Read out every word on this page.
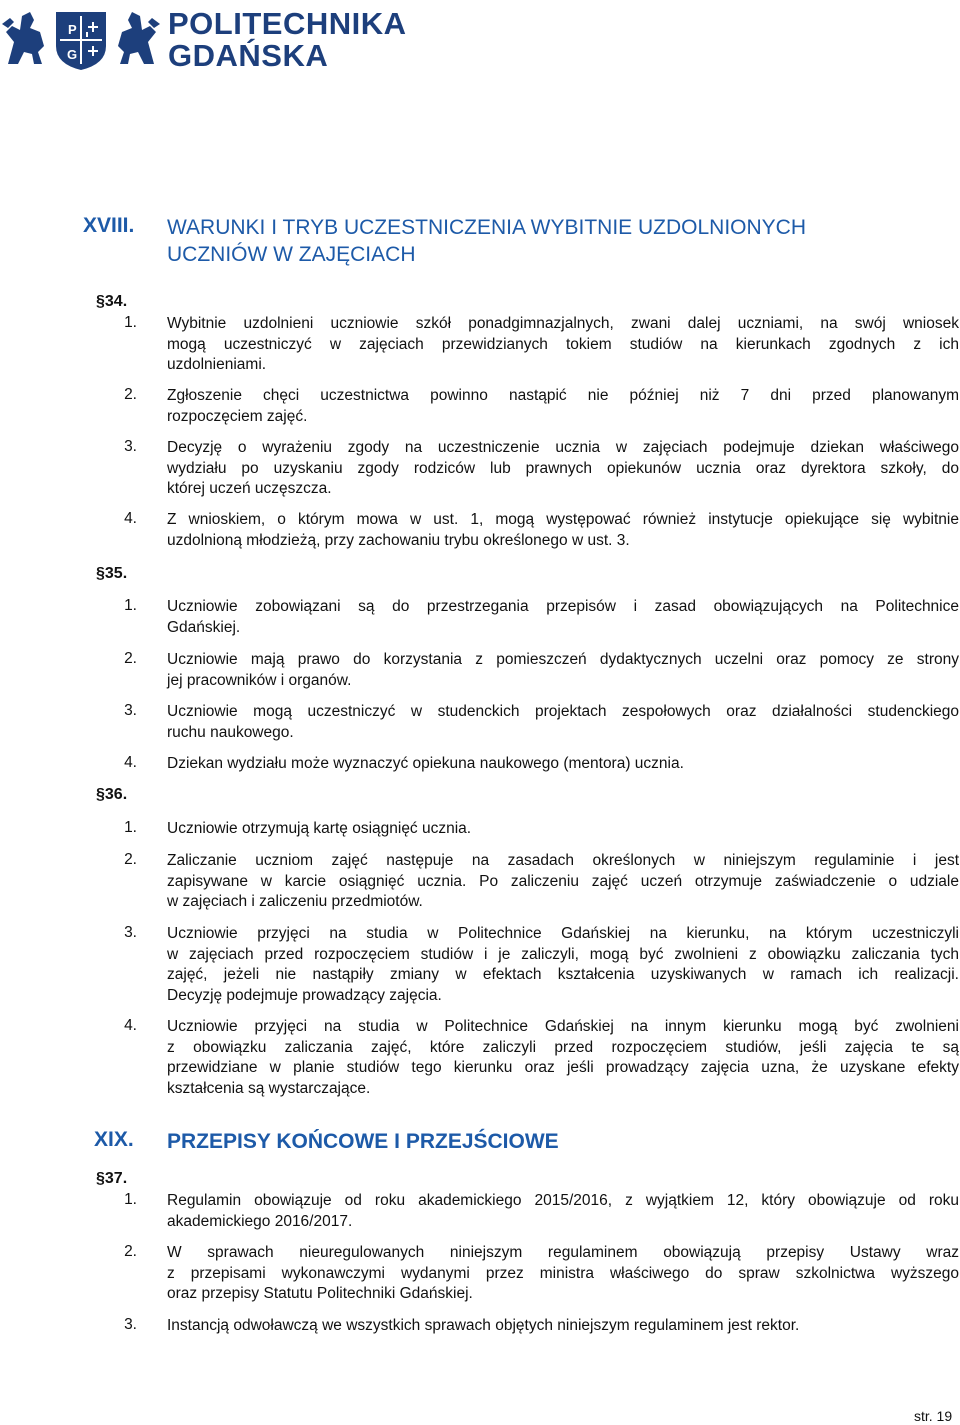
P
G
POLITECHNIKA
GDAŃSKA
XVIII. WARUNKI I TRYB UCZESTNICZENIA WYBITNIE UZDOLNIONYCH
UCZNIÓW W ZAJĘCIACH
§34.
1. Wybitnie uzdolnieni uczniowie szkół ponadgimnazjalnych, zwani dalej uczniami, na swój wniosek
mogą uczestniczyć w zajęciach przewidzianych tokiem studiów na kierunkach zgodnych z ich
uzdolnieniami.
2. Zgłoszenie chęci uczestnictwa powinno nastąpić nie później niż 7 dni przed planowanym
rozpoczęciem zajęć.
3. Decyzję o wyrażeniu zgody na uczestniczenie ucznia w zajęciach podejmuje dziekan właściwego
wydziału po uzyskaniu zgody rodziców lub prawnych opiekunów ucznia oraz dyrektora szkoły, do
której uczeń uczęszcza.
4. Z wnioskiem, o którym mowa w ust. 1, mogą występować również instytucje opiekujące się wybitnie
uzdolnioną młodzieżą, przy zachowaniu trybu określonego w ust. 3.
§35.
1. Uczniowie zobowiązani są do przestrzegania przepisów i zasad obowiązujących na Politechnice
Gdańskiej.
2. Uczniowie mają prawo do korzystania z pomieszczeń dydaktycznych uczelni oraz pomocy ze strony
jej pracowników i organów.
3. Uczniowie mogą uczestniczyć w studenckich projektach zespołowych oraz działalności studenckiego
ruchu naukowego.
4. Dziekan wydziału może wyznaczyć opiekuna naukowego (mentora) ucznia.
§36.
1. Uczniowie otrzymują kartę osiągnięć ucznia.
2. Zaliczanie uczniom zajęć następuje na zasadach określonych w niniejszym regulaminie i jest
zapisywane w karcie osiągnięć ucznia. Po zaliczeniu zajęć uczeń otrzymuje zaświadczenie o udziale
w zajęciach i zaliczeniu przedmiotów.
3. Uczniowie przyjęci na studia w Politechnice Gdańskiej na kierunku, na którym uczestniczyli
w zajęciach przed rozpoczęciem studiów i je zaliczyli, mogą być zwolnieni z obowiązku zaliczania tych
zajęć, jeżeli nie nastąpiły zmiany w efektach kształcenia uzyskiwanych w ramach ich realizacji.
Decyzję podejmuje prowadzący zajęcia.
4. Uczniowie przyjęci na studia w Politechnice Gdańskiej na innym kierunku mogą być zwolnieni
z obowiązku zaliczania zajęć, które zaliczyli przed rozpoczęciem studiów, jeśli zajęcia te są
przewidziane w planie studiów tego kierunku oraz jeśli prowadzący zajęcia uzna, że uzyskane efekty
kształcenia są wystarczające.
XIX. PRZEPISY KOŃCOWE I PRZEJŚCIOWE
§37.
1. Regulamin obowiązuje od roku akademickiego 2015/2016, z wyjątkiem 12, który obowiązuje od roku
akademickiego 2016/2017.
2. W sprawach nieuregulowanych niniejszym regulaminem obowiązują przepisy Ustawy wraz
z przepisami wykonawczymi wydanymi przez ministra właściwego do spraw szkolnictwa wyższego
oraz przepisy Statutu Politechniki Gdańskiej.
3. Instancją odwoławczą we wszystkich sprawach objętych niniejszym regulaminem jest rektor.
str. 19
